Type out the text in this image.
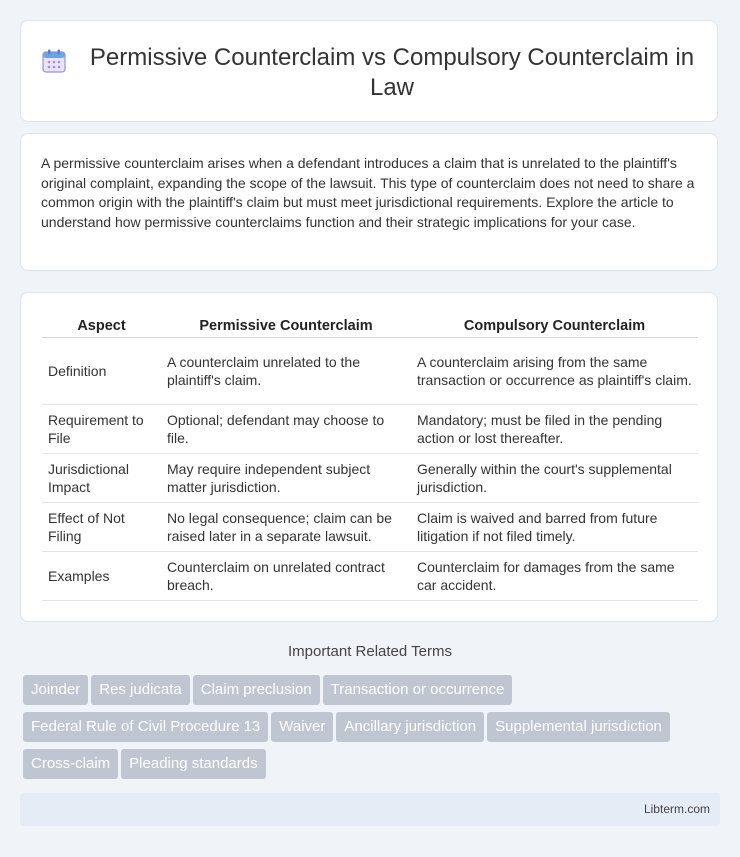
Permissive Counterclaim vs Compulsory Counterclaim in Law

A permissive counterclaim arises when a defendant introduces a claim that is unrelated to the plaintiff's original complaint, expanding the scope of the lawsuit. This type of counterclaim does not need to share a common origin with the plaintiff's claim but must meet jurisdictional requirements. Explore the article to understand how permissive counterclaims function and their strategic implications for your case.

Aspect	Permissive Counterclaim	Compulsory Counterclaim
Definition	A counterclaim unrelated to the plaintiff's claim.	A counterclaim arising from the same transaction or occurrence as plaintiff's claim.
Requirement to File	Optional; defendant may choose to file.	Mandatory; must be filed in the pending action or lost thereafter.
Jurisdictional Impact	May require independent subject matter jurisdiction.	Generally within the court's supplemental jurisdiction.
Effect of Not Filing	No legal consequence; claim can be raised later in a separate lawsuit.	Claim is waived and barred from future litigation if not filed timely.
Examples	Counterclaim on unrelated contract breach.	Counterclaim for damages from the same car accident.
Important Related Terms
Joinder Res judicata Claim preclusion Transaction or occurrence
Federal Rule of Civil Procedure 13 Waiver Ancillary jurisdiction Supplemental jurisdiction
Cross-claim Pleading standards
Libterm.com
